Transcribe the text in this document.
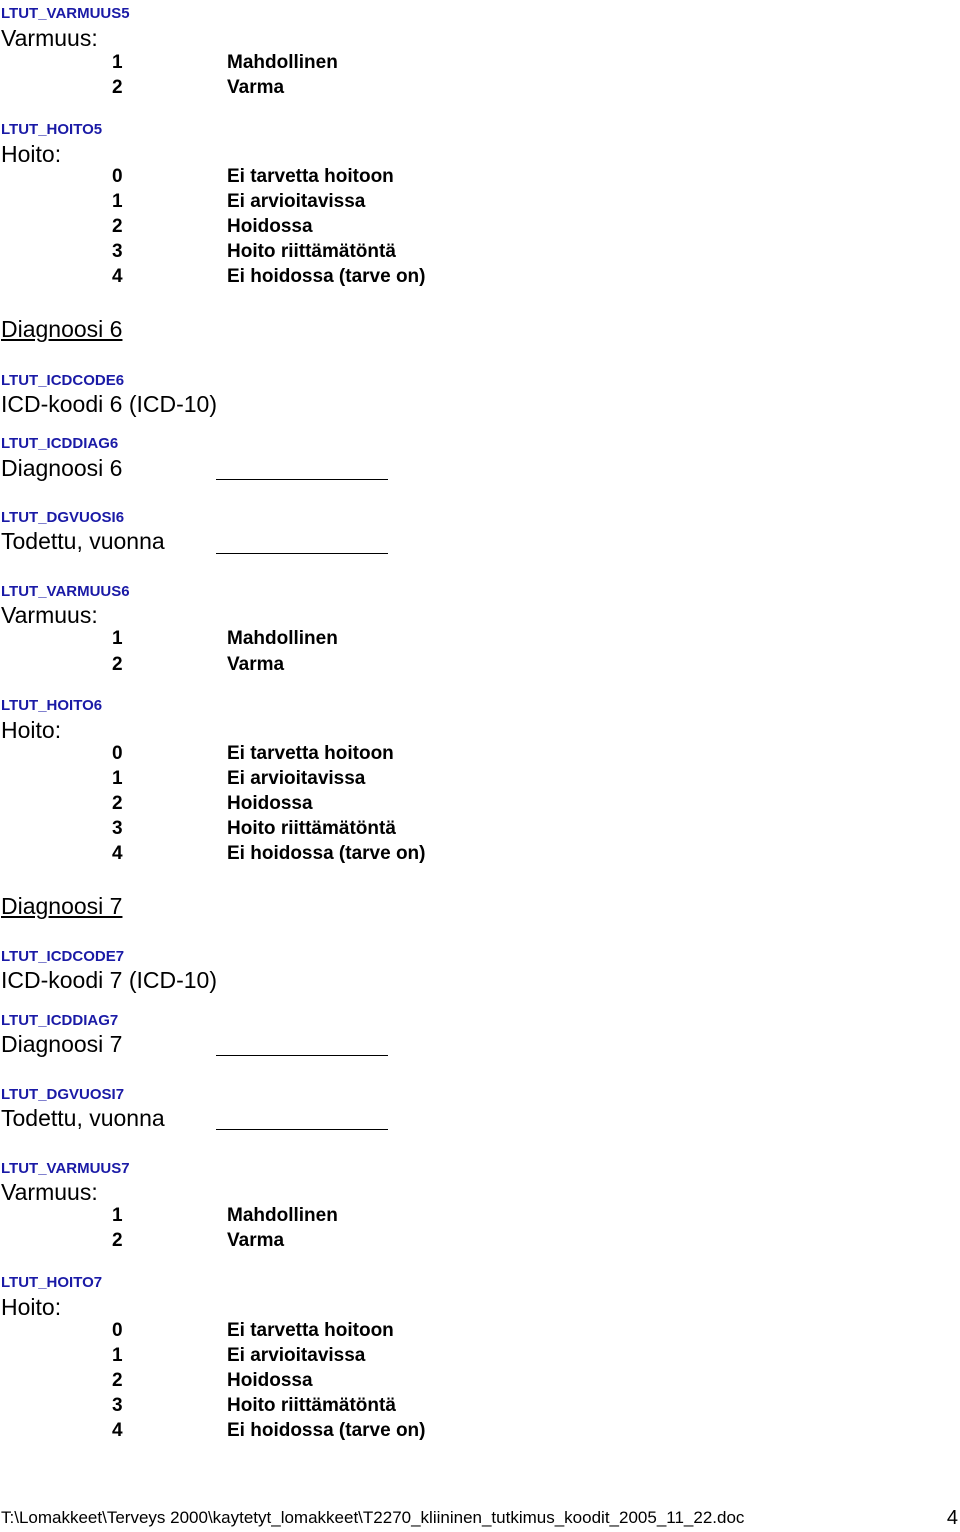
LTUT_VARMUUS5
Varmuus:
1	Mahdollinen
2	Varma
LTUT_HOITO5
Hoito:
0	Ei tarvetta hoitoon
1	Ei arvioitavissa
2	Hoidossa
3	Hoito riittämätöntä
4	Ei hoidossa (tarve on)
Diagnoosi 6
LTUT_ICDCODE6
ICD-koodi 6 (ICD-10)
LTUT_ICDDIAG6
Diagnoosi 6
LTUT_DGVUOSI6
Todettu, vuonna
LTUT_VARMUUS6
Varmuus:
1	Mahdollinen
2	Varma
LTUT_HOITO6
Hoito:
0	Ei tarvetta hoitoon
1	Ei arvioitavissa
2	Hoidossa
3	Hoito riittämätöntä
4	Ei hoidossa (tarve on)
Diagnoosi 7
LTUT_ICDCODE7
ICD-koodi 7 (ICD-10)
LTUT_ICDDIAG7
Diagnoosi 7
LTUT_DGVUOSI7
Todettu, vuonna
LTUT_VARMUUS7
Varmuus:
1	Mahdollinen
2	Varma
LTUT_HOITO7
Hoito:
0	Ei tarvetta hoitoon
1	Ei arvioitavissa
2	Hoidossa
3	Hoito riittämätöntä
4	Ei hoidossa (tarve on)
T:\Lomakkeet\Terveys 2000\kaytetyt_lomakkeet\T2270_kliininen_tutkimus_koodit_2005_11_22.doc	4
